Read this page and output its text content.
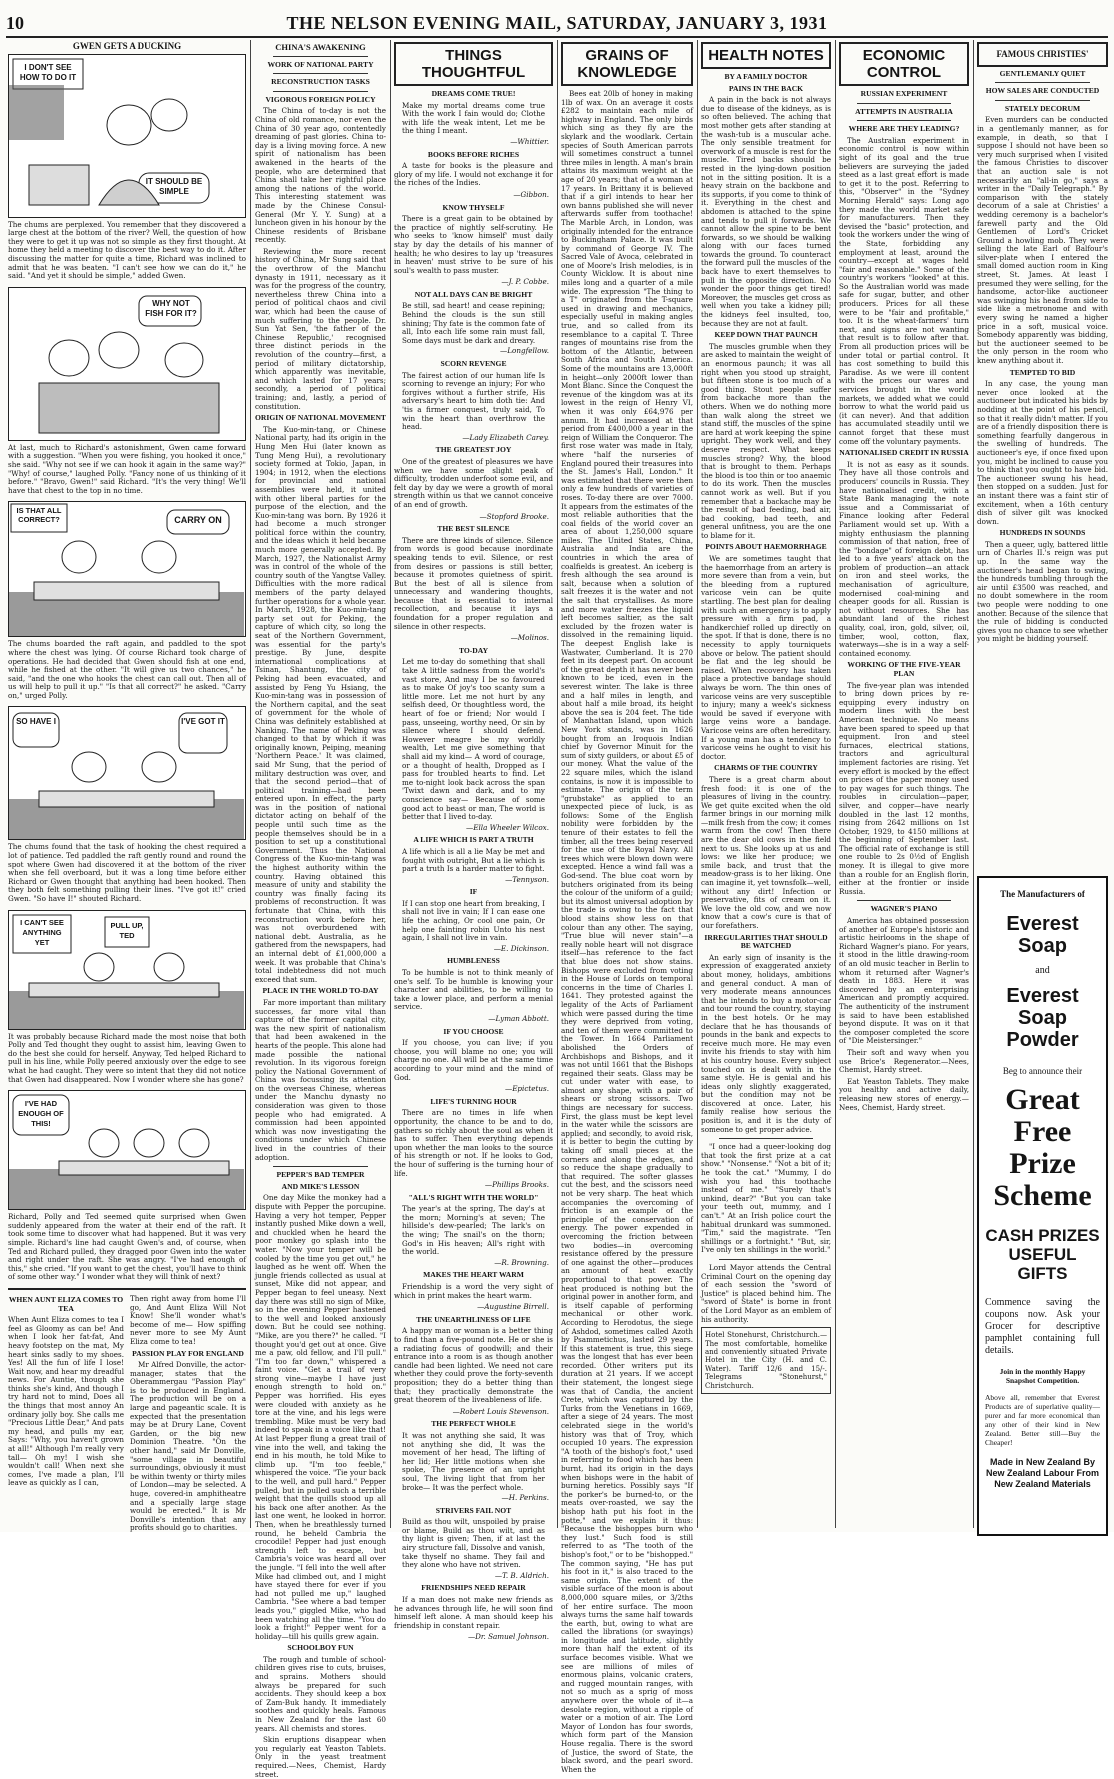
10	THE NELSON EVENING MAIL, SATURDAY, JANUARY 3, 1931
GWEN GETS A DUCKING
I DON'T SEE HOW TO DO IT
IT SHOULD BE SIMPLE
The chums are perplexed. You remember that they discovered a large chest at the bottom of the river? Well, the question of how they were to get it up was not so simple as they first thought. At home they held a meeting to discover the best way to do it. After discussing the matter for quite a time, Richard was inclined to admit that he was beaten. "I can't see how we can do it," he said. "And yet it should be simple," added Gwen.
WHY NOT FISH FOR IT?
At last, much to Richard's astonishment, Gwen came forward with a suggestion. "When you were fishing, you hooked it once," she said. "Why not see if we can hook it again in the same way?" "Why! of course," laughed Polly. "Fancy none of us thinking of it before." "Bravo, Gwen!" said Richard. "It's the very thing! We'll have that chest to the top in no time.
IS THAT ALL CORRECT?	CARRY ON
The chums boarded the raft again, and paddled to the spot where the chest was lying. Of course Richard took charge of operations. He had decided that Gwen should fish at one end, while he fished at the other. "It will give us two chances," he said, "and the one who hooks the chest can call out. Then all of us will help to pull it up." "Is that all correct?" he asked. "Carry on," urged Polly.
SO HAVE I	I'VE GOT IT
The chums found that the task of hooking the chest required a lot of patience. Ted paddled the raft gently round and round the spot where Gwen had discovered it at the bottom of the river when she fell overboard, but it was a long time before either Richard or Gwen thought that anything had been hooked. Then they both felt something pulling their lines. "I've got it!" cried Gwen. "So have I!" shouted Richard.
I CAN'T SEE ANYTHING YET
PULL UP, TED
It was probably because Richard made the most noise that both Polly and Ted thought they ought to assist him, leaving Gwen to do the best she could for herself. Anyway, Ted helped Richard to pull in his line, while Polly peered anxiously over the edge to see what he had caught. They were so intent that they did not notice that Gwen had disappeared. Now I wonder where she has gone?
I'VE HAD ENOUGH OF THIS!
Richard, Polly and Ted seemed quite surprised when Gwen suddenly appeared from the water at their end of the raft. It took some time to discover what had happened. But it was very simple. Richard's line had caught Gwen's and, of course, when Ted and Richard pulled, they dragged poor Gwen into the water and right under the raft. She was angry. "I've had enough of this," she cried. "If you want to get the chest, you'll have to think of some other way." I wonder what they will think of next?
WHEN AUNT ELIZA COMES TO TEA
When Aunt Eliza comes to tea I feel as Gloomy as can be! And when I look her fat-fat, And heavy footstep on the mat, My heart sinks sadly to my shoes. Yes! All the fun of life I lose! Wait now, and hear my dreadful news. For Auntie, though she thinks she's kind, And though I try hard not to mind, Does all the things that most annoy An ordinary jolly boy. She calls me "Precious Little Dear," And pats my head, and pulls my ear, Says: "Why, you haven't grown at all!" Although I'm really very tall— Oh my! I wish she wouldn't call! When next she comes, I've made a plan, I'll leave as quickly as I can,
Then right away from home I'll go, And Aunt Eliza Will Not Know! She'll wonder what's become of me— How spiffing never more to see My Aunt Eliza come to tea!
PASSION PLAY FOR ENGLAND
Mr Alfred Donville, the actor-manager, states that the Oberammergau "Passion Play" is to be produced in England. The production will be on a large and pageantic scale. It is expected that the presentation may be at Drury Lane, Covent Garden, or the big new Dominion Theatre. "On the other hand," said Mr Donville, "some village in beautiful surroundings, obviously it must be within twenty or thirty miles of London—may be selected. A huge, covered-in amphitheatre and a specially large stage would be erected." It is Mr Donville's intention that any profits should go to charities.
CHINA'S AWAKENING
WORK OF NATIONAL PARTY
RECONSTRUCTION TASKS
VIGOROUS FOREIGN POLICY
The China of to-day is not the China of old romance, nor even the China of 30 year ago, contentedly dreaming of past glories. China to-day is a living moving force. A new spirit of nationalism has been awakened in the hearts of the people, who are determined that China shall take her rightful place among the nations of the world. This interesting statement was made by the Chinese Consul-General (Mr Y. Y. Sung) at a luncheon given in his honour by the Chinese residents of Brisbane recently.
Reviewing the more recent history of China, Mr Sung said that the overthrow of the Manchu dynasty in 1911, necessary as it was for the progress of the country, nevertheless threw China into a period of political chaos and civil war, which had been the cause of much suffering to the people. Dr. Sun Yat Sen, 'the father of the Chinese Republic,' recognised three distinct periods in the revolution of the country—first, a period of military dictatorship, which apparently was inevitable, and which lasted for 17 years; secondly, a period of political training; and, lastly, a period of constitution.
ORIGIN OF NATIONAL MOVEMENT
The Kuo-min-tang, or Chinese National party, had its origin in the Hung Men Hui (later known as Tung Meng Hui), a revolutionary society formed at Tokio, Japan, in 1904; in 1912, when the elections for provincial and national assemblies were held, it united with other liberal parties for the purpose of the election, and the Kuo-min-tang was born. By 1926 it had become a much stronger political force within the country, and the ideas which it held became much more generally accepted. By March, 1927, the Nationalist Army was in control of the whole of the country south of the Yangtse Valley. Difficulties with the more radical members of the party delayed further operations for a whole year. In March, 1928, the Kuo-min-tang party set out for Peking, the capture of which city, so long the seat of the Northern Government, was essential for the party's prestige. By June, despite international complications at Tsinan, Shantung, the city of Peking had been evacuated, and assisted by Feng Yu Hsiang, the Kuo-min-tang was in possession of the Northern capital, and the seat of government for the whole of China was definitely established at Nanking. The name of Peking was changed to that by which it was originally known, Peiping, meaning 'Northern Peace.' It was claimed, said Mr Sung, that the period of military destruction was over, and that the second period—that of political training—had been entered upon. In effect, the party was in the position of national dictator acting on behalf of the people until such time as the people themselves should be in a position to set up a constitutional Government. Thus the National Congress of the Kuo-min-tang was the highest authority within the country. Having obtained this measure of unity and stability the country was finally facing its problems of reconstruction. It was fortunate that China, with this reconstruction work before her, was not overburdened with national debt. Australia, as he gathered from the newspapers, had an internal debt of £1,000,000 a week. It was probable that China's total indebtedness did not much exceed that sum.
PLACE IN THE WORLD TO-DAY
Far more important than military successes, far more vital than capture of the former capital city, was the new spirit of nationalism that had been awakened in the hearts of the people. This alone had made possible the national revolution. In its vigorous foreign policy the National Government of China was focussing its attention on the overseas Chinese, whereas under the Manchu dynasty no consideration was given to those people who had emigrated. A commission had been appointed which was now investigating the conditions under which Chinese lived in the countries of their adoption.
PEPPER'S BAD TEMPER
AND MIKE'S LESSON
One day Mike the monkey had a dispute with Pepper the porcupine. Having a very hot temper, Pepper instantly pushed Mike down a well, and chuckled when he heard the poor monkey go splash into the water. "Now your temper will be cooled by the time you get out," he laughed as he went off. When the jungle friends collected as usual at sunset, Mike did not appear, and Pepper began to feel uneasy. Next day there was still no sign of Mike, so in the evening Pepper hastened to the well and looked anxiously down. But he could see nothing. "Mike, are you there?" he called. "I thought you'd get out at once. Give me a paw, old fellow, and I'll pull." "I'm too far down," whispered a faint voice. "Get a trail of very strong vine—maybe I have just enough strength to hold on." Pepper was horrified. His eyes were clouded with anxiety as he tore at the vine, and his legs were trembling. Mike must be very bad indeed to speak in a voice like that! At last Pepper flung a great trail of vine into the well, and taking the end in his mouth, he told Mike to climb up. "I'm too feeble," whispered the voice. "Tie your back to the well, and pull hard." Pepper pulled, but in pulled such a terrible weight that the quills stood up all his back one after another. As the last one went, he looked in horror. Then, when he breathlessly turned round, he beheld Cambria the crocodile! Pepper had just enough strength left to escape, but Cambria's voice was heard all over the jungle. "I fell into the well after Mike had climbed out, and I might have stayed there for ever if you had not pulled me up," laughed Cambria. "See where a bad temper leads you," giggled Mike, who had been watching all the time. "You do look a fright!" Pepper went for a holiday—till his quills grew again.
SCHOOLBOY FUN
The rough and tumble of school-children gives rise to cuts, bruises, and sprains. Mothers should always be prepared for such accidents. They should keep a box of Zam-Buk handy. It immediately soothes and quickly heals. Famous in New Zealand for the last 60 years. All chemists and stores.
Skin eruptions disappear when you regularly eat Yeaston Tablets. Only in the yeast treatment required.—Nees, Chemist, Hardy street.
THINGS THOUGHTFUL
DREAMS COME TRUE!
Make my mortal dreams come true With the work I fain would do; Clothe with life the weak intent, Let me be the thing I meant.
—Whittier.
BOOKS BEFORE RICHES
A taste for books is the pleasure and glory of my life. I would not exchange it for the riches of the Indies.
—Gibbon.
KNOW THYSELF
There is a great gain to be obtained by the practice of nightly self-scrutiny. He who seeks to 'know himself' must daily stay by day the details of his manner of health; he who desires to lay up 'treasures in heaven' must strive to be sure of his soul's wealth to pass muster.
—J. P. Cobbe.
NOT ALL DAYS CAN BE BRIGHT
Be still, sad heart! and cease repining; Behind the clouds is the sun still shining; Thy fate is the common fate of all, Into each life some rain must fall, Some days must be dark and dreary.
—Longfellow.
SCORN REVENGE
The fairest action of our human life Is scorning to revenge an injury; For who forgives without a further strife, His adversary's heart to him doth tie: And 'tis a firmer conquest, truly said, To win the heart than overthrow the head.
—Lady Elizabeth Carey.
THE GREATEST JOY
One of the greatest of pleasures we have when we have some slight peak of difficulty, trodden underfoot some evil, and felt day by day we were a growth of moral strength within us that we cannot conceive of an end of growth.
—Stopford Brooke.
THE BEST SILENCE
There are three kinds of silence. Silence from words is good because inordinate speaking tends to evil. Silence, or rest from desires or passions is still better, because it promotes quietness of spirit. But the best of all is silence from unnecessary and wandering thoughts, because that is essential to internal recollection, and because it lays a foundation for a proper regulation and silence in other respects.
—Molinos.
TO-DAY
Let me to-day do something that shall take A little sadness from the world's vast store, And may I be so favoured as to make Of joy's too scanty sum a little more. Let me not hurt by any selfish deed, Or thoughtless word, the heart of foe or friend; Nor would I pass, unseeing, worthy need, Or sin by silence where I should defend. However meagre be my worldly wealth, Let me give something that shall aid my kind— A word of courage, or a thought of health, Dropped as I pass for troubled hearts to find. Let me to-night look back across the span 'Twixt dawn and dark, and to my conscience say— Because of some good act to beast or man, The world is better that I lived to-day.
—Ella Wheeler Wilcox.
A LIFE WHICH IS PART A TRUTH
A life which is all a lie May be met and fought with outright, But a lie which is part a truth Is a harder matter to fight.
—Tennyson.
IF
If I can stop one heart from breaking, I shall not live in vain; If I can ease one life the aching, Or cool one pain, Or help one fainting robin Unto his nest again, I shall not live in vain.
—E. Dickinson.
HUMBLENESS
To be humble is not to think meanly of one's self. To be humble is knowing your character and abilities, to be willing to take a lower place, and perform a menial service.
—Lyman Abbott.
IF YOU CHOOSE
If you choose, you can live; if you choose, you will blame no one; you will charge no one. All will be at the same time according to your mind and the mind of God.
—Epictetus.
LIFE'S TURNING HOUR
There are no times in life when opportunity, the chance to be and to do, gathers so richly about the soul as when it has to suffer. Then everything depends upon whether the man looks to the source of his strength or not. If he looks to God, the hour of suffering is the turning hour of life.
—Phillips Brooks.
"ALL'S RIGHT WITH THE WORLD"
The year's at the spring, The day's at the morn; Morning's at seven; The hillside's dew-pearled; The lark's on the wing; The snail's on the thorn; God's in His heaven; All's right with the world.
—R. Browning.
MAKES THE HEART WARM
Friendship is a word the very sight of which in print makes the heart warm.
—Augustine Birrell.
THE UNEARTHLINESS OF LIFE
A happy man or woman is a better thing to find than a five-pound note. He or she is a radiating focus of goodwill; and their entrance into a room is as though another candle had been lighted. We need not care whether they could prove the forty-seventh proposition; they do a better thing than that; they practically demonstrate the great theorem of the liveableness of life.
—Robert Louis Stevenson.
THE PERFECT WHOLE
It was not anything she said, It was not anything she did, It was the movement of her head, The lifting of her lid; Her little motions when she spoke, The presence of an upright soul, The living light that from her broke— It was the perfect whole.
—H. Perkins.
STRIVERS FAIL NOT
Build as thou wilt, unspoiled by praise or blame, Build as thou wilt, and as thy light is given; Then, if at last the airy structure fall, Dissolve and vanish, take thyself no shame. They fail and they alone who have not striven.
—T. B. Aldrich.
FRIENDSHIPS NEED REPAIR
If a man does not make new friends as he advances through life, he will soon find himself left alone. A man should keep his friendship in constant repair.
—Dr. Samuel Johnson.
GRAINS OF KNOWLEDGE
Bees eat 20lb of honey in making 1lb of wax. On an average it costs £282 to maintain each mile of highway in England. The only birds which sing as they fly are the skylark and the woodlark. Certain species of South American parrots will sometimes construct a tunnel three miles in length. A man's brain attains its maximum weight at the age of 20 years; that of a woman at 17 years. In Brittany it is believed that if a girl intends to hear her own banns published she will never afterwards suffer from toothache! The Marble Arch, in London, was originally intended for the entrance to Buckingham Palace. It was built by command of George IV. The Sacred Vale of Avoca, celebrated in one of Moore's Irish melodies, is in County Wicklow. It is about nine miles long and a quarter of a mile wide. The expression "The thing to a T" originated from the T-square used in drawing and mechanics, especially useful in making angles true, and so called from its resemblance to a capital T. Three ranges of mountains rise from the bottom of the Atlantic, between South Africa and South America. Some of the mountains are 13,000ft in height—only 2000ft lower than Mont Blanc. Since the Conquest the revenue of the kingdom was at its lowest in the reign of Henry VI, when it was only £64,976 per annum. It had increased at that period from £400,000 a year in the reign of William the Conqueror. The first rose water was made in Italy, where "half the nurseries of England poured their treasures into the St. James's Hall, London." It was estimated that there were then only a few hundreds of varieties of roses. To-day there are over 7000. It appears from the estimates of the most reliable authorities that the coal fields of the world cover an area of about 1,250,000 square miles. The United States, China, Australia and India are the countries in which the area of coalfields is greatest. An iceberg is fresh although the sea around is salt, because when a solution of salt freezes it is the water and not the salt that crystallises. As more and more water freezes the liquid left becomes saltier, as the salt excluded by the frozen water is dissolved in the remaining liquid. The deepest English lake is Wastwater, Cumberland. It is 270 feet in its deepest part. On account of the great depth it has never been known to be iced, even in the severest winter. The lake is three and a half miles in length, and about half a mile broad, its height above the sea is 204 feet. The tide of Manhattan Island, upon which New York stands, was in 1626 bought from an Iroquois Indian chief by Governor Minuit for the sum of sixty guilders, or about £5 of our money. What the value of the 22 square miles, which the island contains, is now it is impossible to estimate. The origin of the term "grubstake" as applied to an unexpected piece of luck, is as follows: Some of the English nobility were forbidden by the tenure of their estates to fell the timber, all the trees being reserved for the use of the Royal Navy. All trees which were blown down were excepted. Hence a wind fall was a God-send. The blue coat worn by butchers originated from its being the colour of the uniform of a guild; but its almost universal adoption by the trade is owing to the fact that blood stains show less on that colour than any other. The saying, "True blue will never stain"—a really noble heart will not disgrace itself—has reference to the fact that blue does not show stains. Bishops were excluded from voting in the House of Lords on temporal concerns in the time of Charles I. 1641. They protested against the legality of the Acts of Parliament which were passed during the time they were deprived from voting, and ten of them were committed to the Tower. In 1664 Parliament abolished the Orders of Archbishops and Bishops, and it was not until 1661 that the Bishops regained their seats. Glass may be cut under water with ease, to almost any shape, with a pair of shears or strong scissors. Two things are necessary for success. First, the glass must be kept level in the water while the scissors are applied; and secondly, to avoid risk, it is better to begin the cutting by taking off small pieces at the corners and along the edges, and so reduce the shape gradually to that required. The softer glasses cut the best, and the scissors need not be very sharp. The heat which accompanies the overcoming of friction is an example of the principle of the conservation of energy. The power expended in overcoming the friction between two bodies—in overcoming resistance offered by the pressure of one against the other—produces an amount of heat exactly proportional to that power. The heat produced is nothing but the original power in another form, and is itself capable of performing mechanical or other work. According to Herodotus, the siege of Ashdod, sometimes called Azoth by Psammetichus, lasted 29 years. If this statement is true, this siege was the longest that has ever been recorded. Other writers put its duration at 21 years. If we accept their statement, the longest siege was that of Candia, the ancient Crete, which was captured by the Turks from the Venetians in 1669, after a siege of 24 years. The most celebrated siege in the world's history was that of Troy, which occupied 10 years. The expression "A tooth of the bishop's foot," used in referring to food which has been burnt, had its origin in the days when bishops were in the habit of burning heretics. Possibly says "If the porker's be burned-to, or the meats over-roasted, we say the bishop hath put his foot in the potte," and we explain it thus: "Because the bishoppes burn who they lust." Such food is still referred to as "The tooth of the bishop's foot," or to be "bishopped." The common saying, "He has put his foot in it," is also traced to the same origin. The extent of the visible surface of the moon is about 8,000,000 square miles, or 3/2ths of her entire surface. The moon always turns the same half towards the earth, but, owing to what are called the librations (or swayings) in longitude and latitude, slightly more than half the extent of its surface becomes visible. What we see are millions of miles of enormous plains, volcanic craters, and rugged mountain ranges, with not so much as a sprig of moss anywhere over the whole of it—a desolate region, without a ripple of water or a motion of air. The Lord Mayor of London has four swords, which form part of the Mansion House regalia. There is the sword of Justice, the sword of State, the black sword, and the pearl sword. When the
HEALTH NOTES
BY A FAMILY DOCTOR
PAINS IN THE BACK
A pain in the back is not always due to disease of the kidneys, as is so often believed. The aching that most mother gets after standing at the wash-tub is a muscular ache. The only sensible treatment for overwork of a muscle is rest for the muscle. Tired backs should be rested in the lying-down position not in the sitting position. It is a heavy strain on the backbone and its supports, if you come to think of it. Everything in the chest and abdomen is attached to the spine and tends to pull it forwards. We cannot allow the spine to be bent forwards, so we should be walking along with our faces turned towards the ground. To counteract the forward pull the muscles of the back have to exert themselves to pull in the opposite direction. No wonder the poor things get tired! Moreover, the muscles get cross as well when you take a kidney pill; the kidneys feel insulted, too, because they are not at fault.
KEEP DOWN THAT PAUNCH
The muscles grumble when they are asked to maintain the weight of an enormous paunch; it was all right when you stood up straight, but fifteen stone is too much of a good thing. Stout people suffer from backache more than the others. When we do nothing more than walk along the street we stand stiff, the muscles of the spine are hard at work keeping the spine upright. They work well, and they deserve respect. What keeps muscles strong? Why, the blood that is brought to them. Perhaps the blood is too thin or too anaemic to do its work. Then the muscles cannot work as well. But if you remember that a backache may be the result of bad feeding, bad air, bad cooking, bad teeth, and general unfitness, you are the one to blame for it.
POINTS ABOUT HAEMORRHAGE
We are sometimes taught that the haemorrhage from an artery is more severe than from a vein, but the bleeding from a ruptured varicose vein can be quite startling. The best plan for dealing with such an emergency is to apply pressure with a firm pad, a handkerchief rolled up directly on the spot. If that is done, there is no necessity to apply tourniquets above or below. The patient should be flat and the leg should be raised. When recovery has taken place a protective bandage should always be worn. The thin ones of varicose veins are very susceptible to injury; many a week's sickness would be saved if everyone with large veins wore a bandage. Varicose veins are often hereditary. If a young man has a tendency to varicose veins he ought to visit his doctor.
CHARMS OF THE COUNTRY
There is a great charm about fresh food: it is one of the pleasures of living in the country. We get quite excited when the old farmer brings in our morning milk—milk fresh from the cow; it comes warm from the cow! Then there are the dear old cows in the field next to us. She looks up at us and lows: we like her produce; we smile back, and trust that the meadow-grass is to her liking. One can imagine it, yet townsfolk—well, without any dirt! Infection or preservative, fits of cream on it. We love the old cow, and we now know that a cow's cure is that of our forefathers.
IRREGULARITIES THAT SHOULD BE WATCHED
An early sign of insanity is the expression of exaggerated anxiety about money, holidays, ambitions and general conduct. A man of very moderate means announces that he intends to buy a motor-car and tour round the country, staying in the best hotels. Or he may declare that he has thousands of pounds in the bank and expects to receive much more. He may even invite his friends to stay with him at his country house. Every subject touched on is dealt with in the same style. He is genial and his ideas only slightly exaggerated, but the condition may not be discovered at once. Later, his family realise how serious the position is, and it is the duty of someone to get proper advice.
"I once had a queer-looking dog that took the first prize at a cat show." "Nonsense." "Not a bit of it; he took the cat." "Mummy, I do wish you had this toothache instead of me." "Surely that's unkind, dear?" "But you can take your teeth out, mummy, and I can't." At an Irish police court the habitual drunkard was summoned. "Tim," said the magistrate. "Ten shillings or a fortnight." "But, sir, I've only ten shillings in the world."
Lord Mayor attends the Central Criminal Court on the opening day of each session the "sword of Justice" is placed behind him. The "sword of State" is borne in front of the Lord Mayor as an emblem of his authority.
Hotel Stonehurst, Christchurch.—The most comfortable, homelike and conveniently situated Private Hotel in the City (H. and C. Water). Tariff 12/6 and 15/-. Telegrams "Stonehurst," Christchurch.
ECONOMIC CONTROL
RUSSIAN EXPERIMENT
ATTEMPTS IN AUSTRALIA
WHERE ARE THEY LEADING?
The Australian experiment in economic control is now within sight of its goal and the true believers are surveying the jaded steed as a last great effort is made to get it to the post. Referring to this, "Observer" in the "Sydney Morning Herald" says: Long ago they made the world market safe for manufacturers. Then they devised the "basic" protection, and took the workers under the wing of the State, forbidding any employment at least, around the country—except at wages held "fair and reasonable." Some of the country's workers "looked" at this. So the Australian world was made safe for sugar, butter, and other producers. Prices for all these were to be "fair and profitable," too. It is the wheat-farmers' turn next, and signs are not wanting that result is to follow after that. From all production prices will be under total or partial control. It has cost something to build this Paradise. As we were ill content with the prices our wares and services brought in the world markets, we added what we could borrow to what the world paid us (it can never). And that addition has accumulated steadily until we cannot forget that these must come off the voluntary payments.
NATIONALISED CREDIT IN RUSSIA
It is not as easy as it sounds. They have all those controls and producers' councils in Russia. They have nationalised credit, with a State Bank managing the note issue and a Commissariat of Finance looking after Federal Parliament would set up. With a mighty enthusiasm the planning commission of that nation, free of the "bondage" of foreign debt, has led to a five years' attack on the problem of production—an attack on iron and steel works, the mechanisation of agriculture, modernised coal-mining and cheaper goods for all. Russian is not without resources. She has abundant land of the richest quality, coal, iron, gold, silver, oil, timber, wool, cotton, flax, waterways—she is in a way a self-contained economy.
WORKING OF THE FIVE-YEAR PLAN
The five-year plan was intended to bring down prices by re-equipping every industry on modern lines with the best American technique. No means have been spared to speed up that equipment. Iron and steel furnaces, electrical stations, tractors and agricultural implement factories are rising. Yet every effort is mocked by the effect on prices of the paper money used to pay wages for such things. The roubles in circulation—paper, silver, and copper—have nearly doubled in the last 12 months, rising from 2642 millions on 1st October, 1929, to 4150 millions at the beginning of September last. The official rate of exchange is still one rouble to 2s 0½d of English money. It is illegal to give more than a rouble for an English florin, either at the frontier or inside Russia.
WAGNER'S PIANO
America has obtained possession of another of Europe's historic and artistic heirlooms in the shape of Richard Wagner's piano. For years, it stood in the little drawing-room of an old music teacher in Berlin to whom it returned after Wagner's death in 1883. Here it was discovered by an enterprising American and promptly acquired. The authenticity of the instrument is said to have been established beyond dispute. It was on it that the composer completed the score of "Die Meistersinger."
Their soft and wavy when you use Brice's Regenerator.—Nees, Chemist, Hardy street.
Eat Yeaston Tablets. They make you healthy and active daily, releasing new stores of energy.—Nees, Chemist, Hardy street.
FAMOUS CHRISTIES'
GENTLEMANLY QUIET
HOW SALES ARE CONDUCTED
STATELY DECORUM
Even murders can be conducted in a gentlemanly manner, as for example, in death, so that I suppose I should not have been so very much surprised when I visited the famous Christies to discover that an auction sale is not necessarily an "all-in go," says a writer in the "Daily Telegraph." By comparison with the stately decorum of a sale at Christies' a wedding ceremony is a bachelor's farewell party and the Old Gentlemen of Lord's Cricket Ground a howling mob. They were selling the late Earl of Balfour's silver-plate when I entered the small domed auction room in King street, St. James. At least I presumed they were selling, for the handsome, actor-like auctioneer was swinging his head from side to side like a metronome and with every swing he named a higher price in a soft, musical voice. Somebody apparently was bidding, but the auctioneer seemed to be the only person in the room who knew anything about it.
TEMPTED TO BID
In any case, the young man never once looked at the auctioneer but indicated his bids by nodding at the point of his pencil, so that it really didn't matter. If you are of a friendly disposition there is something fearfully dangerous in the swelling of hundreds. The auctioneer's eye, if once fixed upon you, might be inclined to cause you to think that you ought to have bid. The auctioneer swung his head, then stopped on a sudden. Just for an instant there was a faint stir of excitement, when a 16th century dish of silver gilt was knocked down.
HUNDREDS IN SOUNDS
Then a queer, ugly, battered little urn of Charles II.'s reign was put up. In the same way the auctioneer's head began to swing, the hundreds tumbling through the air until £3500 was reached, and no doubt somewhere in the room two people were nodding to one another. Because of the silence that the rule of bidding is conducted gives you no chance to see whether you might be bidding yourself.
The Manufacturers of
Everest Soap
and
Everest Soap Powder
Beg to announce their
Great Free Prize Scheme
CASH PRIZES USEFUL GIFTS
Commence saving the coupons now. Ask your Grocer for descriptive pamphlet containing full details.
Join in the monthly Happy Snapshot Competition.
Above all, remember that Everest Products are of superlative quality—purer and far more economical than any other of their kind in New Zealand. Better still—Buy the Cheaper!
Made in New Zealand By New Zealand Labour From New Zealand Materials
